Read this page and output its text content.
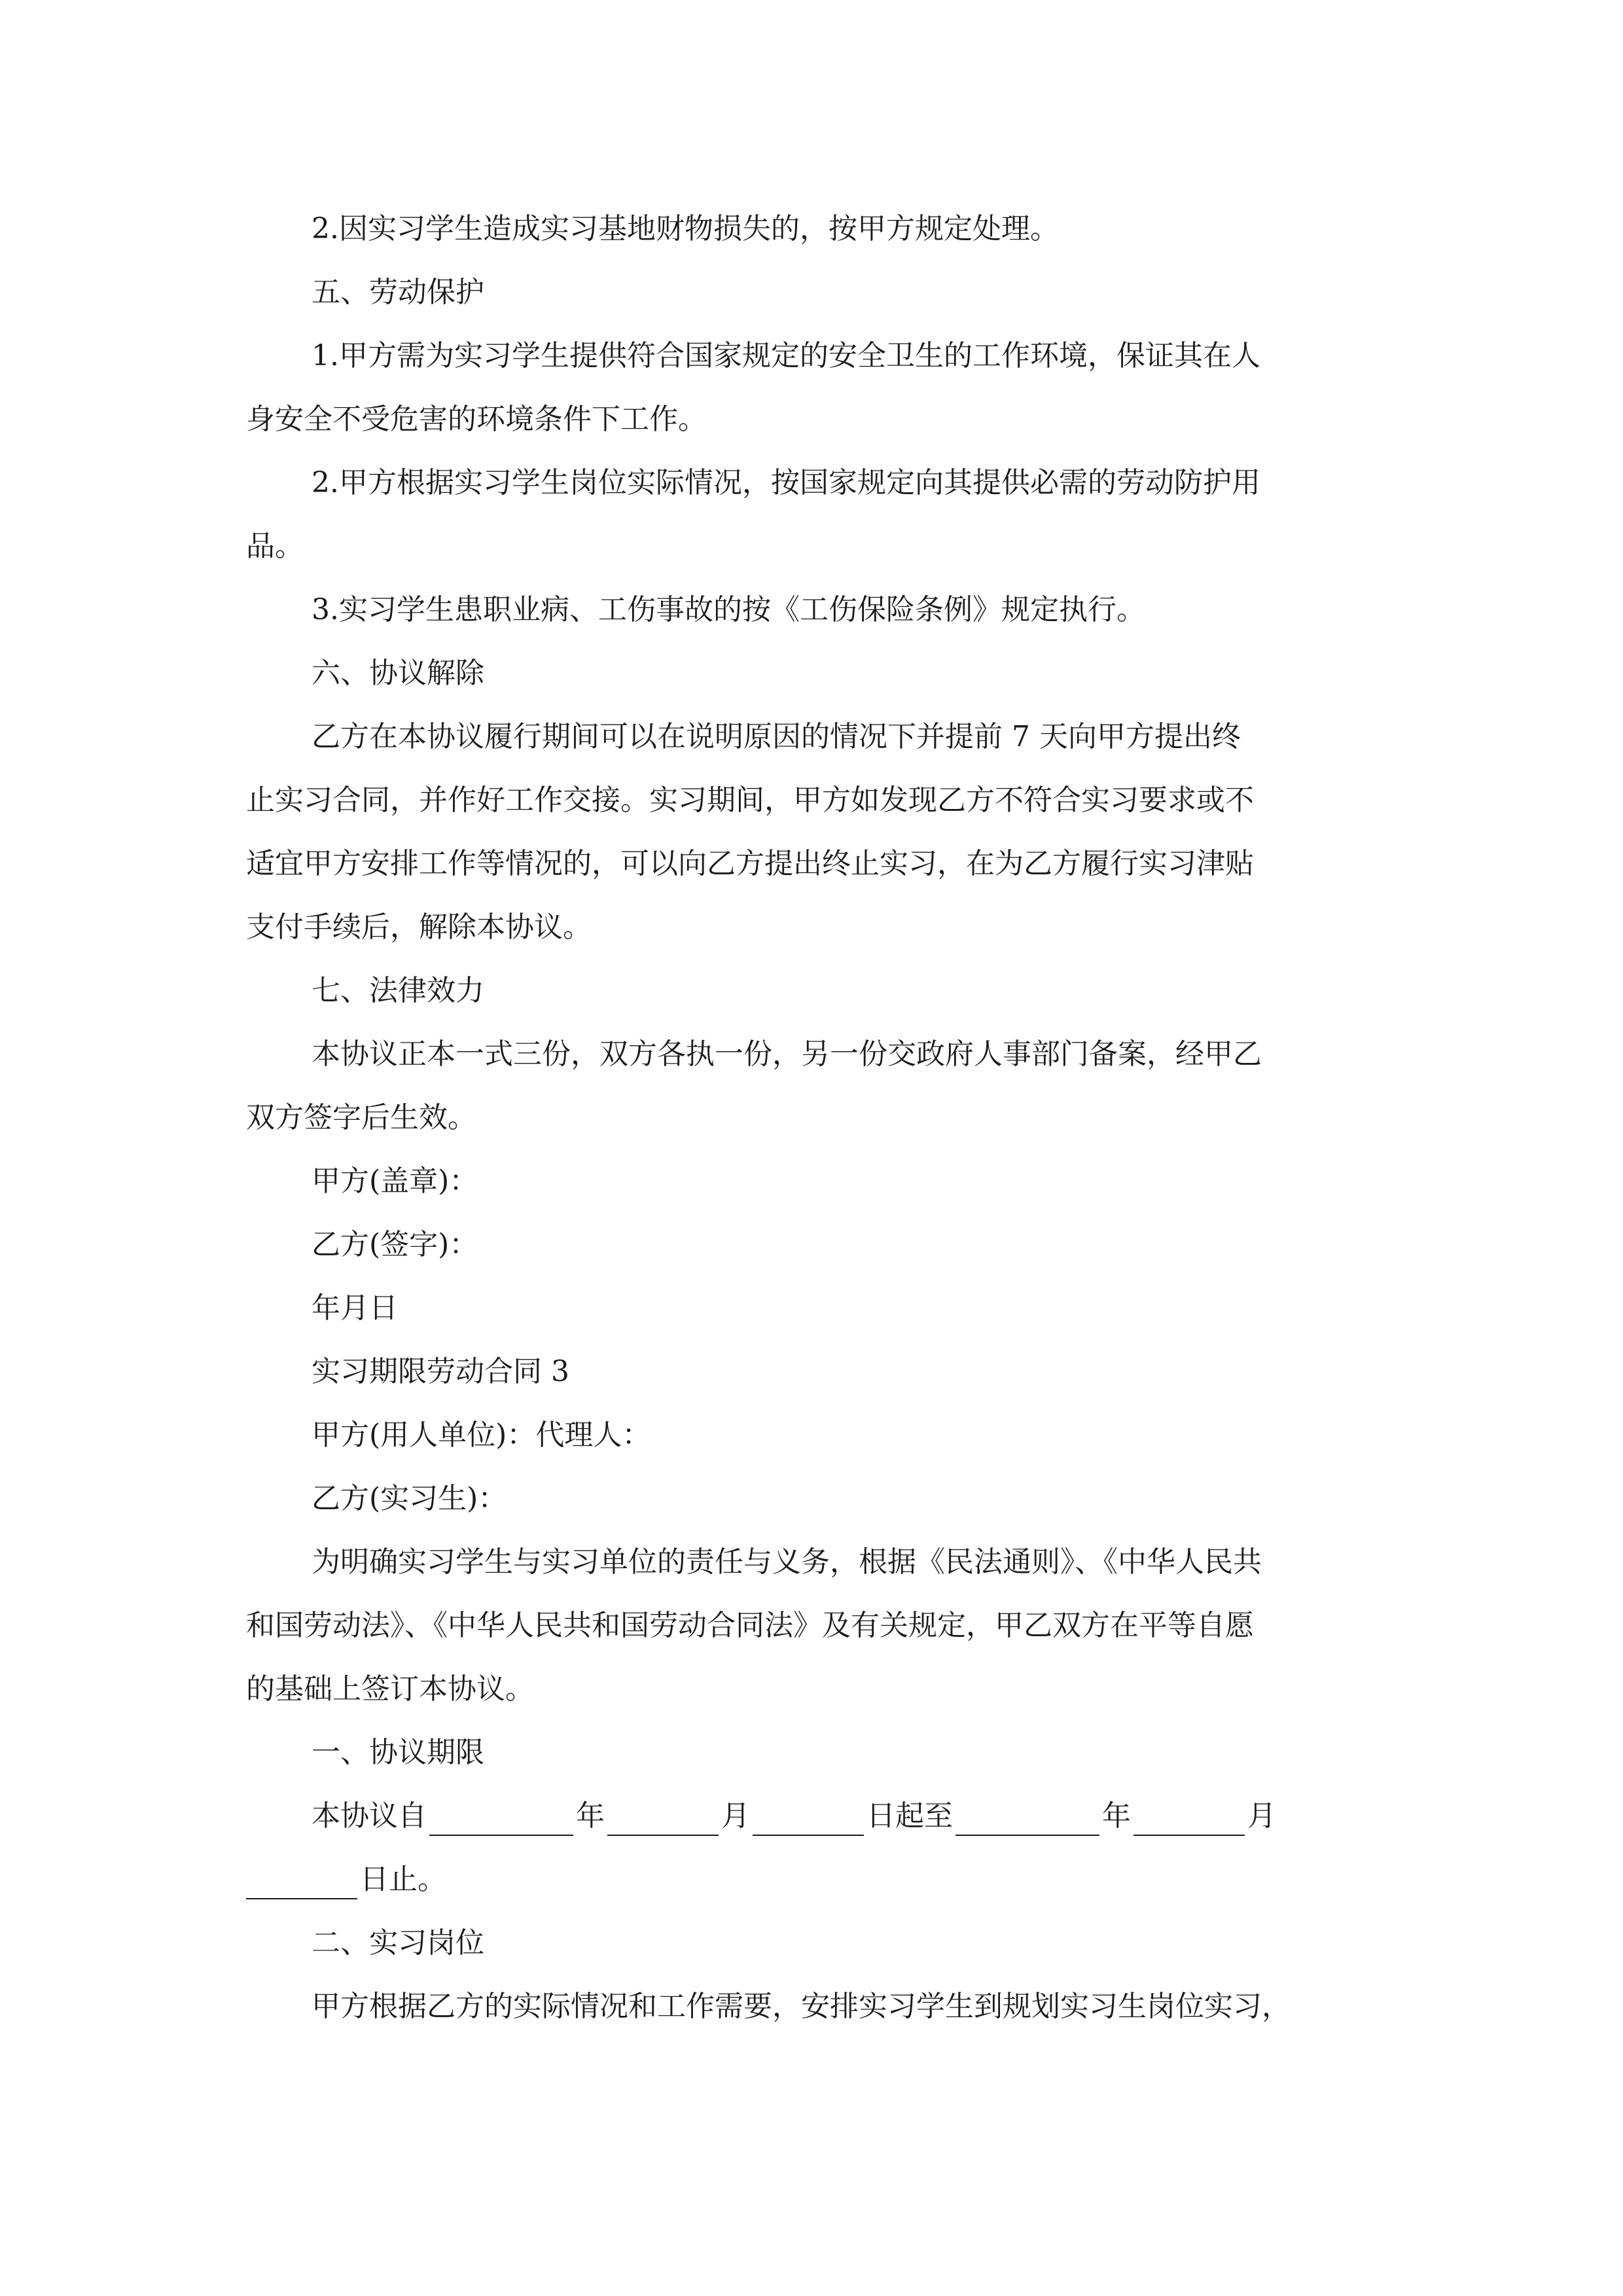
2.因实习学生造成实习基地财物损失的，按甲方规定处理。
五、劳动保护
1.甲方需为实习学生提供符合国家规定的安全卫生的工作环境，保证其在人
身安全不受危害的环境条件下工作。
2.甲方根据实习学生岗位实际情况，按国家规定向其提供必需的劳动防护用
品。
3.实习学生患职业病、工伤事故的按《工伤保险条例》规定执行。
六、协议解除
乙方在本协议履行期间可以在说明原因的情况下并提前 7 天向甲方提出终
止实习合同，并作好工作交接。实习期间，甲方如发现乙方不符合实习要求或不
适宜甲方安排工作等情况的，可以向乙方提出终止实习，在为乙方履行实习津贴
支付手续后，解除本协议。
七、法律效力
本协议正本一式三份，双方各执一份，另一份交政府人事部门备案，经甲乙
双方签字后生效。
甲方(盖章)：
乙方(签字)：
年月日
实习期限劳动合同 3
甲方(用人单位)：代理人：
乙方(实习生)：
为明确实习学生与实习单位的责任与义务，根据《民法通则》、《中华人民共
和国劳动法》、《中华人民共和国劳动合同法》及有关规定，甲乙双方在平等自愿
的基础上签订本协议。
一、协议期限
本协议自	年	月	日起至	年	月
日止。
二、实习岗位
甲方根据乙方的实际情况和工作需要，安排实习学生到规划实习生岗位实习，
